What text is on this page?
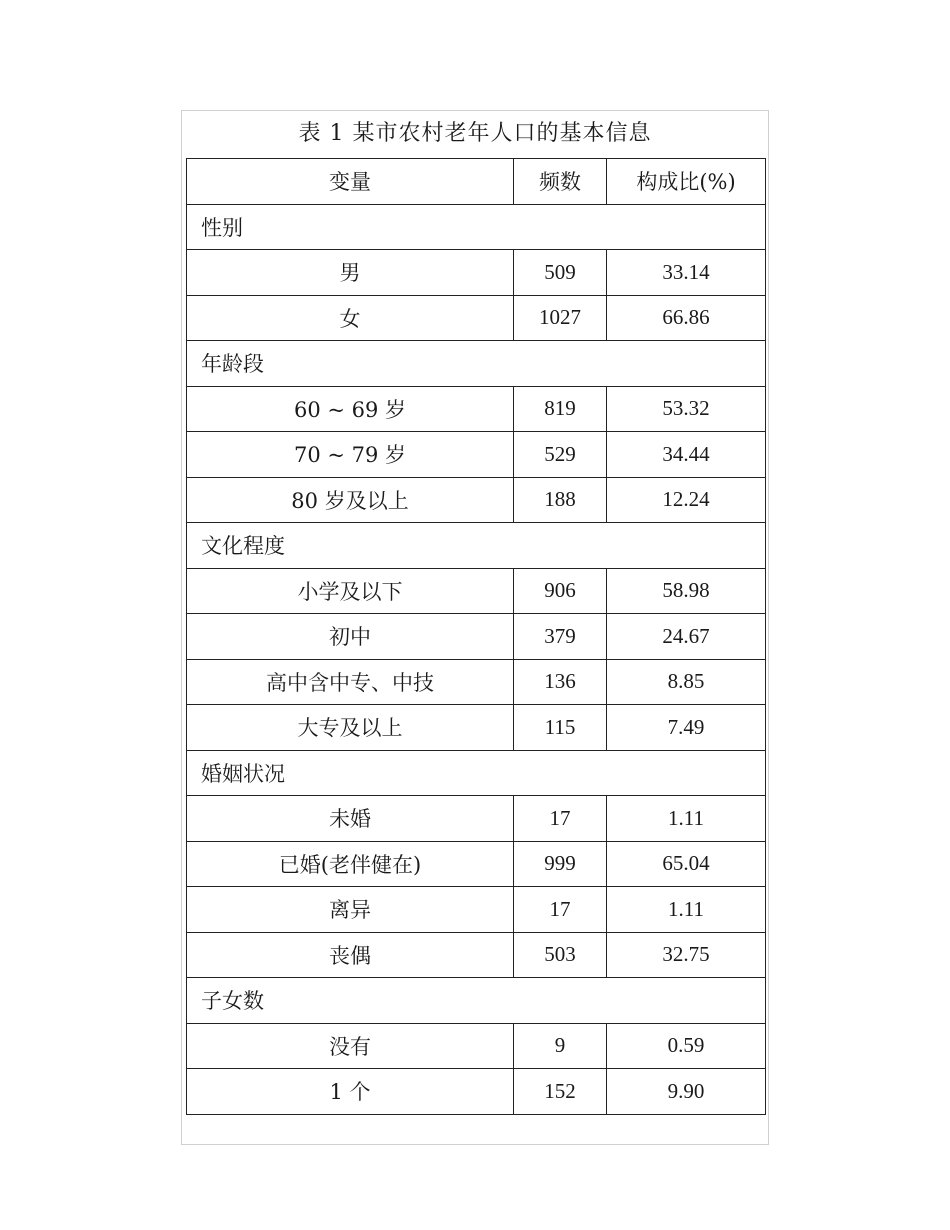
表 1 某市农村老年人口的基本信息
变量	频数	构成比(%)
性别		
男	509	33.14
女	1027	66.86
年龄段		
60 ~ 69 岁	819	53.32
70 ~ 79 岁	529	34.44
80 岁及以上	188	12.24
文化程度		
小学及以下	906	58.98
初中	379	24.67
高中含中专、中技	136	8.85
大专及以上	115	7.49
婚姻状况		
未婚	17	1.11
已婚(老伴健在)	999	65.04
离异	17	1.11
丧偶	503	32.75
子女数		
没有	9	0.59
1 个	152	9.90
